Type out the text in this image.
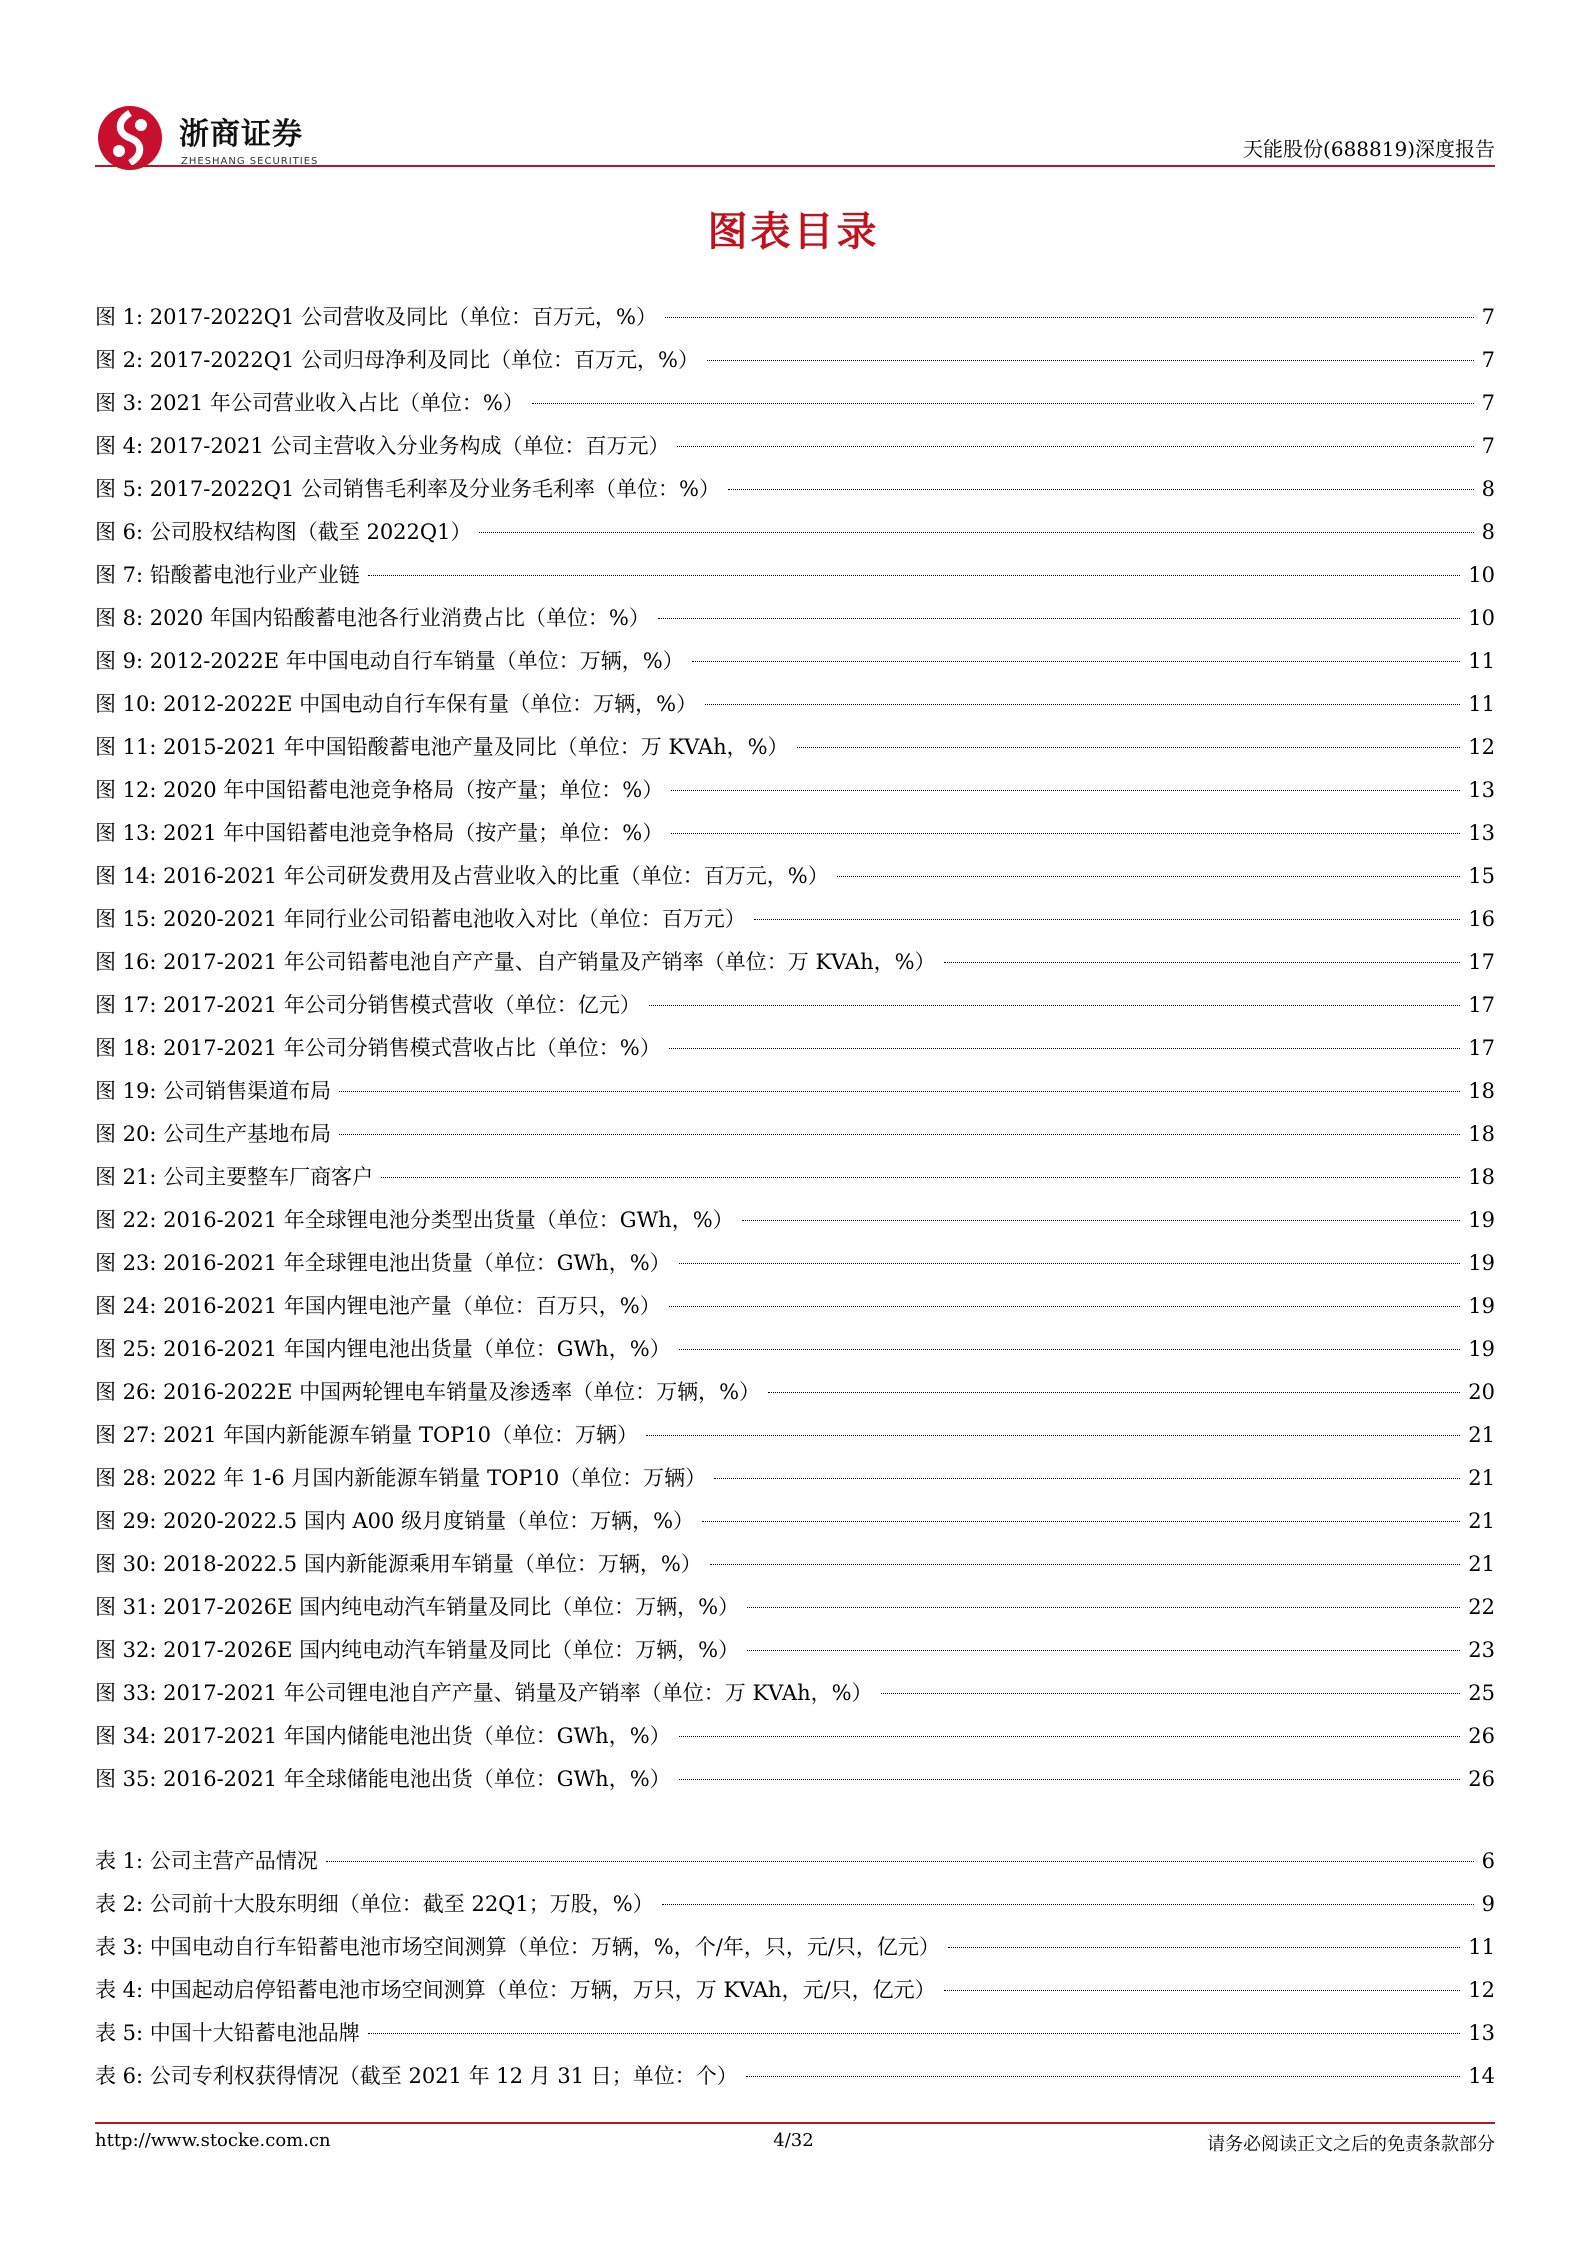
浙商证券
ZHESHANG SECURITIES
天能股份(688819)深度报告
图表目录
图 1: 2017-2022Q1 公司营收及同比（单位：百万元，%）	7
图 2: 2017-2022Q1 公司归母净利及同比（单位：百万元，%）	7
图 3: 2021 年公司营业收入占比（单位：%）	7
图 4: 2017-2021 公司主营收入分业务构成（单位：百万元）	7
图 5: 2017-2022Q1 公司销售毛利率及分业务毛利率（单位：%）	8
图 6: 公司股权结构图（截至 2022Q1）	8
图 7: 铅酸蓄电池行业产业链	10
图 8: 2020 年国内铅酸蓄电池各行业消费占比（单位：%）	10
图 9: 2012-2022E 年中国电动自行车销量（单位：万辆，%）	11
图 10: 2012-2022E 中国电动自行车保有量（单位：万辆，%）	11
图 11: 2015-2021 年中国铅酸蓄电池产量及同比（单位：万 KVAh，%）	12
图 12: 2020 年中国铅蓄电池竞争格局（按产量；单位：%）	13
图 13: 2021 年中国铅蓄电池竞争格局（按产量；单位：%）	13
图 14: 2016-2021 年公司研发费用及占营业收入的比重（单位：百万元，%）	15
图 15: 2020-2021 年同行业公司铅蓄电池收入对比（单位：百万元）	16
图 16: 2017-2021 年公司铅蓄电池自产产量、自产销量及产销率（单位：万 KVAh，%）	17
图 17: 2017-2021 年公司分销售模式营收（单位：亿元）	17
图 18: 2017-2021 年公司分销售模式营收占比（单位：%）	17
图 19: 公司销售渠道布局	18
图 20: 公司生产基地布局	18
图 21: 公司主要整车厂商客户	18
图 22: 2016-2021 年全球锂电池分类型出货量（单位：GWh，%）	19
图 23: 2016-2021 年全球锂电池出货量（单位：GWh，%）	19
图 24: 2016-2021 年国内锂电池产量（单位：百万只，%）	19
图 25: 2016-2021 年国内锂电池出货量（单位：GWh，%）	19
图 26: 2016-2022E 中国两轮锂电车销量及渗透率（单位：万辆，%）	20
图 27: 2021 年国内新能源车销量 TOP10（单位：万辆）	21
图 28: 2022 年 1-6 月国内新能源车销量 TOP10（单位：万辆）	21
图 29: 2020-2022.5 国内 A00 级月度销量（单位：万辆，%）	21
图 30: 2018-2022.5 国内新能源乘用车销量（单位：万辆，%）	21
图 31: 2017-2026E 国内纯电动汽车销量及同比（单位：万辆，%）	22
图 32: 2017-2026E 国内纯电动汽车销量及同比（单位：万辆，%）	23
图 33: 2017-2021 年公司锂电池自产产量、销量及产销率（单位：万 KVAh，%）	25
图 34: 2017-2021 年国内储能电池出货（单位：GWh，%）	26
图 35: 2016-2021 年全球储能电池出货（单位：GWh，%）	26
表 1: 公司主营产品情况	6
表 2: 公司前十大股东明细（单位：截至 22Q1；万股，%）	9
表 3: 中国电动自行车铅蓄电池市场空间测算（单位：万辆，%，个/年，只，元/只，亿元）	11
表 4: 中国起动启停铅蓄电池市场空间测算（单位：万辆，万只，万 KVAh，元/只，亿元）	12
表 5: 中国十大铅蓄电池品牌	13
表 6: 公司专利权获得情况（截至 2021 年 12 月 31 日；单位：个）	14
http://www.stocke.com.cn	4/32	请务必阅读正文之后的免责条款部分
